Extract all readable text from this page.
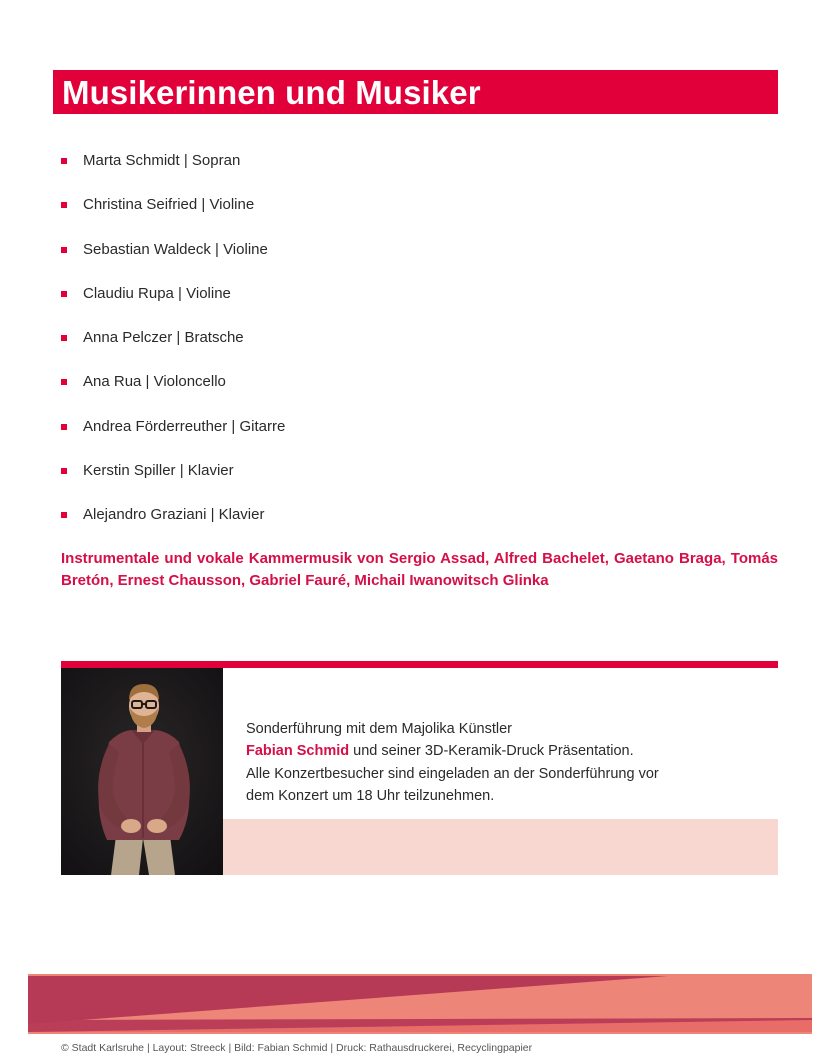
Musikerinnen und Musiker
Marta Schmidt | Sopran
Christina Seifried | Violine
Sebastian Waldeck | Violine
Claudiu Rupa | Violine
Anna Pelczer | Bratsche
Ana Rua | Violoncello
Andrea Förderreuther | Gitarre
Kerstin Spiller | Klavier
Alejandro Graziani | Klavier

Instrumentale und vokale Kammermusik von Sergio Assad, Alfred Bachelet, Gaetano Braga, Tomás Bretón, Ernest Chausson, Gabriel Fauré, Michail Iwanowitsch Glinka

Sonderführung mit dem Majolika Künstler
Fabian Schmid und seiner 3D-Keramik-Druck Präsentation.
Alle Konzertbesucher sind eingeladen an der Sonderführung vor
dem Konzert um 18 Uhr teilzunehmen.

© Stadt Karlsruhe | Layout: Streeck | Bild: Fabian Schmid | Druck: Rathausdruckerei, Recyclingpapier
